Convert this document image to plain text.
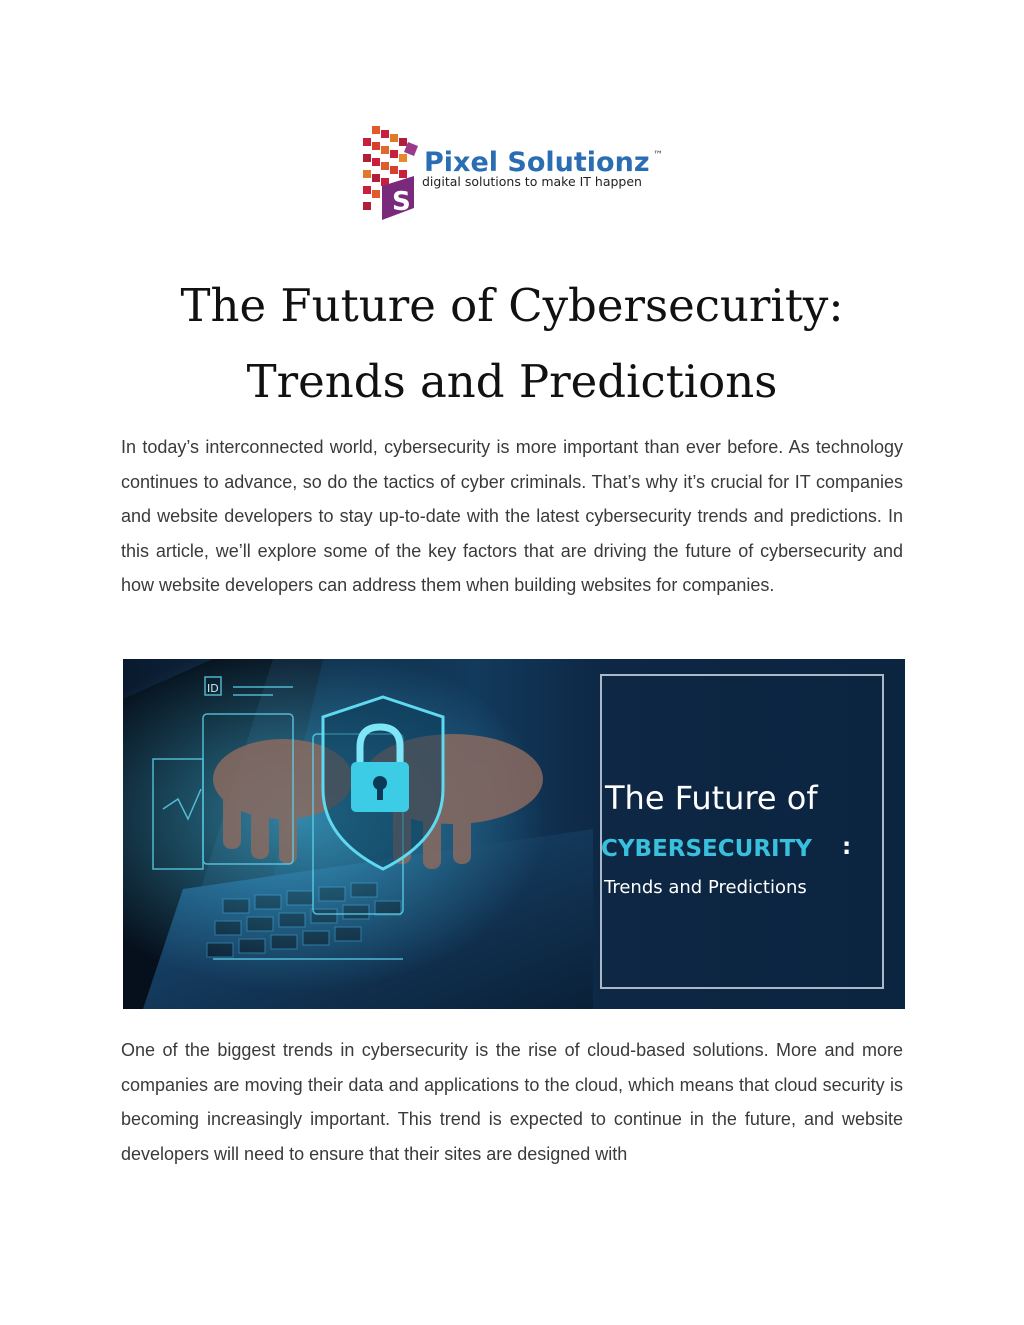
S
Pixel Solutionz ™
digital solutions to make IT happen
The Future of Cybersecurity:
Trends and Predictions

In today’s interconnected world, cybersecurity is more important than ever before. As technology continues to advance, so do the tactics of cyber criminals. That’s why it’s crucial for IT companies and website developers to stay up-to-date with the latest cybersecurity trends and predictions. In this article, we’ll explore some of the key factors that are driving the future of cybersecurity and how website developers can address them when building websites for companies.

ID
The Future of
CYBERSECURITY :
Trends and Predictions

One of the biggest trends in cybersecurity is the rise of cloud-based solutions. More and more companies are moving their data and applications to the cloud, which means that cloud security is becoming increasingly important. This trend is expected to continue in the future, and website developers will need to ensure that their sites are designed with
